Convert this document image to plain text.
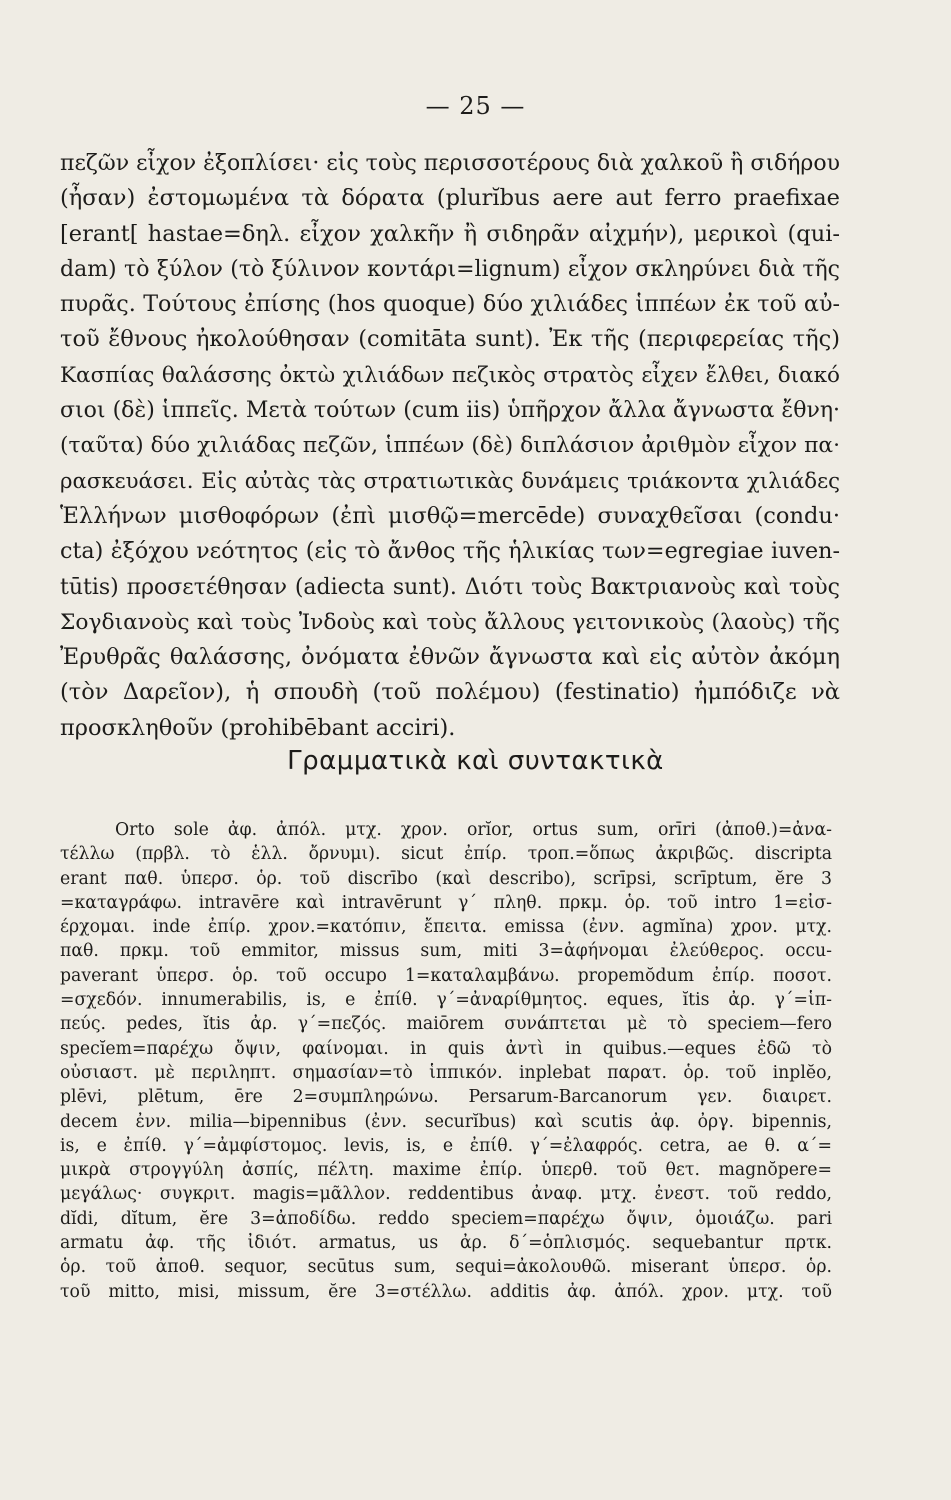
— 25 —
πεζῶν εἶχον ἐξοπλίσει· εἰς τοὺς περισσοτέρους διὰ χαλκοῦ ἢ σιδήρου
(ἦσαν) ἐστομωμένα τὰ δόρατα (plurĭbus aere aut ferro praefixae
[erant[ hastae=δηλ. εἶχον χαλκῆν ἢ σιδηρᾶν αἰχμήν), μερικοὶ (qui-
dam) τὸ ξύλον (τὸ ξύλινον κοντάρι=lignum) εἶχον σκληρύνει διὰ τῆς
πυρᾶς. Τούτους ἐπίσης (hos quoque) δύο χιλιάδες ἱππέων ἐκ τοῦ αὐ-
τοῦ ἔθνους ἠκολούθησαν (comitāta sunt). Ἐκ τῆς (περιφερείας τῆς)
Κασπίας θαλάσσης ὀκτὼ χιλιάδων πεζικὸς στρατὸς εἶχεν ἔλθει, διακό
σιοι (δὲ) ἱππεῖς. Μετὰ τούτων (cum iis) ὑπῆρχον ἄλλα ἄγνωστα ἔθνη·
(ταῦτα) δύο χιλιάδας πεζῶν, ἱππέων (δὲ) διπλάσιον ἀριθμὸν εἶχον πα·
ρασκευάσει. Εἰς αὐτὰς τὰς στρατιωτικὰς δυνάμεις τριάκοντα χιλιάδες
Ἑλλήνων μισθοφόρων (ἐπὶ μισθῷ=mercēde) συναχθεῖσαι (condu·
cta) ἐξόχου νεότητος (εἰς τὸ ἄνθος τῆς ἡλικίας των=egregiae iuven-
tūtis) προσετέθησαν (adiecta sunt). Διότι τοὺς Βακτριανοὺς καὶ τοὺς
Σογδιανοὺς καὶ τοὺς Ἰνδοὺς καὶ τοὺς ἄλλους γειτονικοὺς (λαοὺς) τῆς
Ἐρυθρᾶς θαλάσσης, ὀνόματα ἐθνῶν ἄγνωστα καὶ εἰς αὐτὸν ἀκόμη
(τὸν Δαρεῖον), ἡ σπουδὴ (τοῦ πολέμου) (festinatio) ἠμπόδιζε νὰ
προσκληθοῦν (prohibēbant acciri).
Γραμματικὰ καὶ συντακτικὰ
Orto sole ἀφ. ἀπόλ. μτχ. χρον. orĭor, ortus sum, orīri (ἀποθ.)=ἀνα-
τέλλω (πρβλ. τὸ ἑλλ. ὄρνυμι). sicut ἐπίρ. τροπ.=ὅπως ἀκριβῶς. discripta
erant παθ. ὑπερσ. ὁρ. τοῦ discrībo (καὶ describo), scrīpsi, scrīptum, ĕre 3
=καταγράφω. intravēre καὶ intravērunt γ΄ πληθ. πρκμ. ὁρ. τοῦ intro 1=εἰσ-
έρχομαι. inde ἐπίρ. χρον.=κατόπιν, ἔπειτα. emissa (ἐνν. agmĭna) χρον. μτχ.
παθ. πρκμ. τοῦ emmitor, missus sum, miti 3=ἀφήνομαι ἐλεύθερος. occu-
paverant ὑπερσ. ὁρ. τοῦ occupo 1=καταλαμβάνω. propemŏdum ἐπίρ. ποσοτ.
=σχεδόν. innumerabilis, is, e ἐπίθ. γ΄=ἀναρίθμητος. eques, ĭtis ἀρ. γ΄=ἱπ-
πεύς. pedes, ĭtis ἀρ. γ΄=πεζός. maiōrem συνάπτεται μὲ τὸ speciem—fero
specĭem=παρέχω ὄψιν, φαίνομαι. in quis ἀντὶ in quibus.—eques ἐδῶ τὸ
οὐσιαστ. μὲ περιληπτ. σημασίαν=τὸ ἱππικόν. inplebat παρατ. ὁρ. τοῦ inplĕo,
plēvi, plētum, ēre 2=συμπληρώνω. Persarum-Barcanorum γεν. διαιρετ.
decem ἐνν. milia—bipennibus (ἐνν. securĭbus) καὶ scutis ἀφ. ὀργ. bipennis,
is, e ἐπίθ. γ΄=ἀμφίστομος. levis, is, e ἐπίθ. γ΄=ἐλαφρός. cetra, ae θ. α΄=
μικρὰ στρογγύλη ἀσπίς, πέλτη. maxime ἐπίρ. ὑπερθ. τοῦ θετ. magnŏpere=
μεγάλως· συγκριτ. magis=μᾶλλον. reddentibus ἀναφ. μτχ. ἐνεστ. τοῦ reddo,
dĭdi, dĭtum, ĕre 3=ἀποδίδω. reddo speciem=παρέχω ὄψιν, ὁμοιάζω. pari
armatu ἀφ. τῆς ἰδιότ. armatus, us ἀρ. δ΄=ὁπλισμός. sequebantur πρτκ.
ὁρ. τοῦ ἀποθ. sequor, secūtus sum, sequi=ἀκολουθῶ. miserant ὑπερσ. ὁρ.
τοῦ mitto, misi, missum, ĕre 3=στέλλω. additis ἀφ. ἀπόλ. χρον. μτχ. τοῦ
